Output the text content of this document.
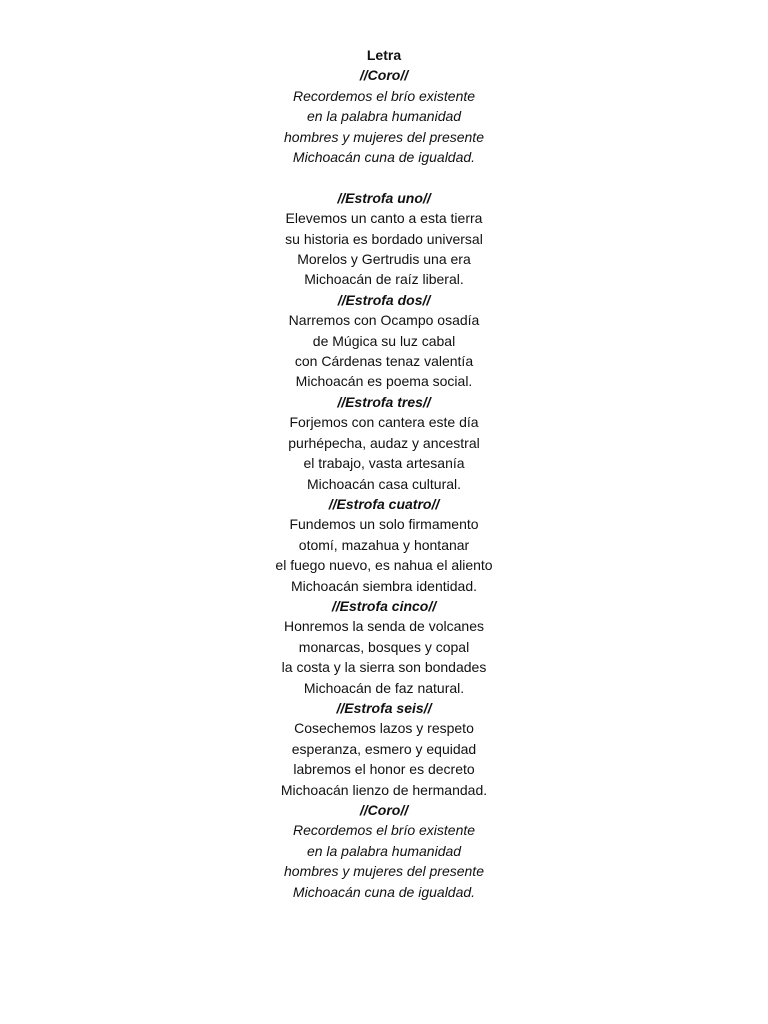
Letra
//Coro//
Recordemos el brío existente
en la palabra humanidad
hombres y mujeres del presente
Michoacán cuna de igualdad.
//Estrofa uno//
Elevemos un canto a esta tierra
su historia es bordado universal
Morelos y Gertrudis una era
Michoacán de raíz liberal.
//Estrofa dos//
Narremos con Ocampo osadía
de Múgica su luz cabal
con Cárdenas tenaz valentía
Michoacán es poema social.
//Estrofa tres//
Forjemos con cantera este día
purhépecha, audaz y ancestral
el trabajo, vasta artesanía
Michoacán casa cultural.
//Estrofa cuatro//
Fundemos un solo firmamento
otomí, mazahua y hontanar
el fuego nuevo, es nahua el aliento
Michoacán siembra identidad.
//Estrofa cinco//
Honremos la senda de volcanes
monarcas, bosques y copal
la costa y la sierra son bondades
Michoacán de faz natural.
//Estrofa seis//
Cosechemos lazos y respeto
esperanza, esmero y equidad
labremos el honor es decreto
Michoacán lienzo de hermandad.
//Coro//
Recordemos el brío existente
en la palabra humanidad
hombres y mujeres del presente
Michoacán cuna de igualdad.
